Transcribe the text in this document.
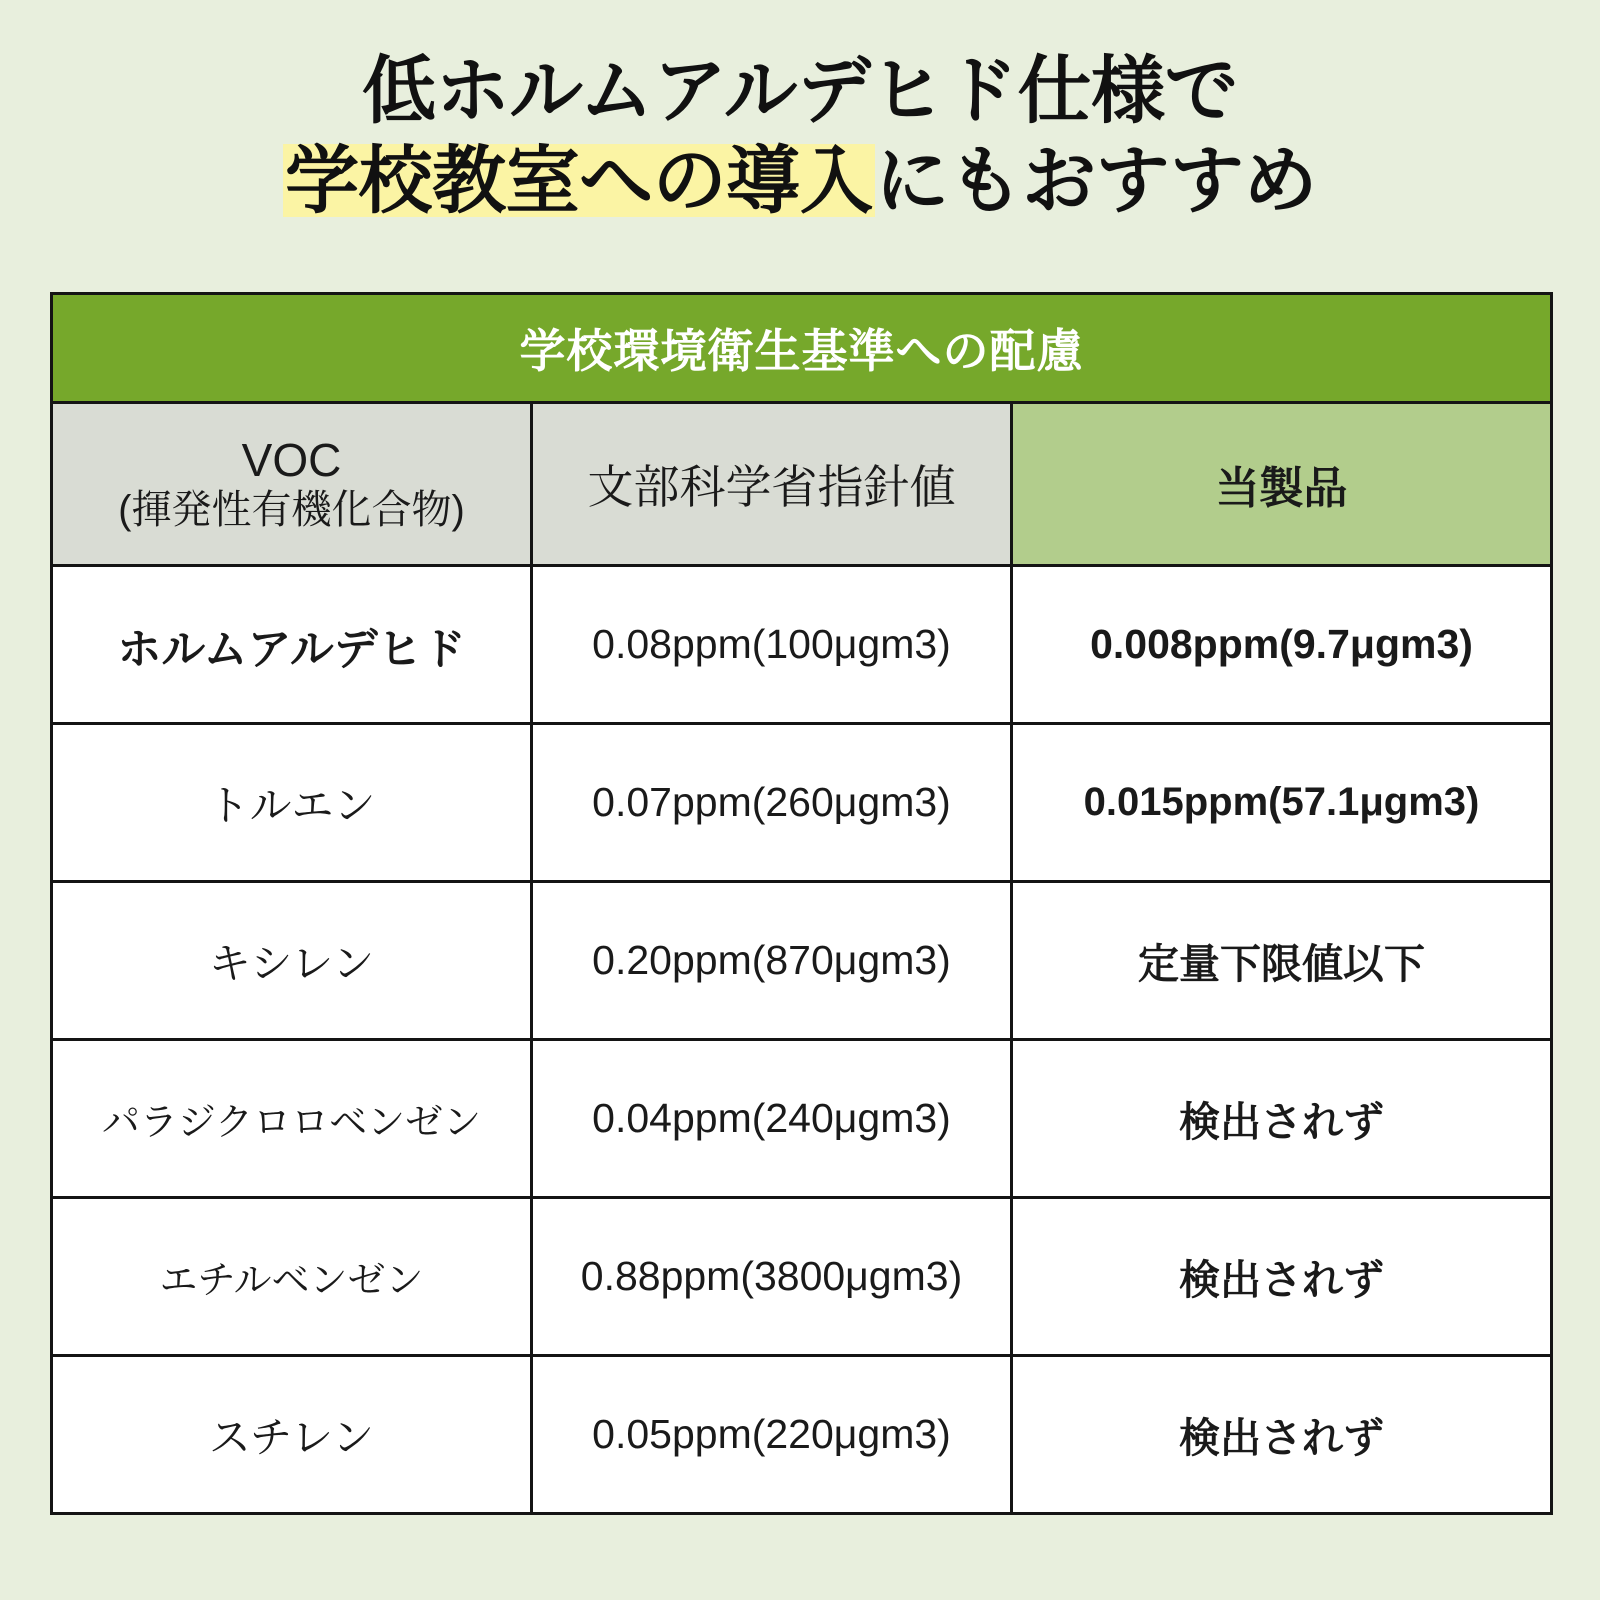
低ホルムアルデヒド仕様で
学校教室への導入にもおすすめ
学校環境衛生基準への配慮		

VOC
(揮発性有機化合物)	文部科学省指針値	当製品
ホルムアルデヒド	0.08ppm(100μgm3)	0.008ppm(9.7μgm3)
トルエン	0.07ppm(260μgm3)	0.015ppm(57.1μgm3)
キシレン	0.20ppm(870μgm3)	定量下限値以下
パラジクロロベンゼン	0.04ppm(240μgm3)	検出されず
エチルベンゼン	0.88ppm(3800μgm3)	検出されず
スチレン	0.05ppm(220μgm3)	検出されず
